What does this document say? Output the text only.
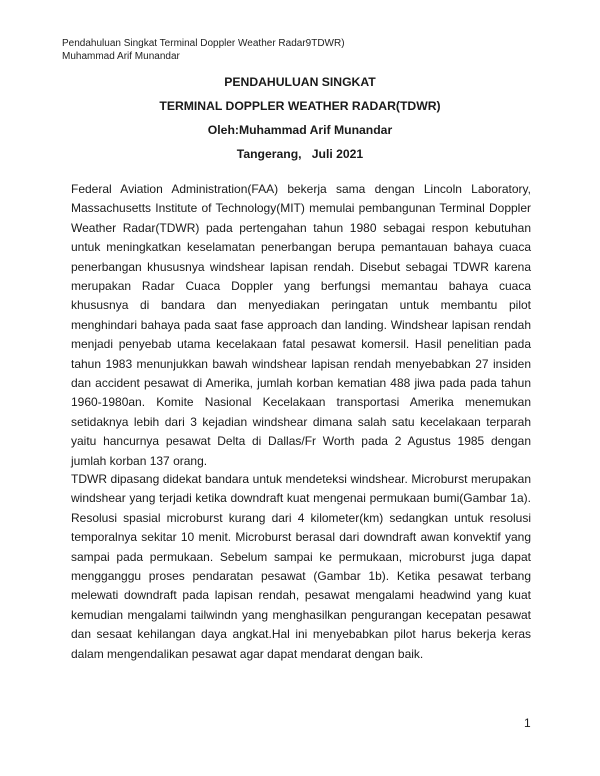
Pendahuluan Singkat Terminal Doppler Weather Radar9TDWR)
Muhammad Arif Munandar
PENDAHULUAN SINGKAT
TERMINAL DOPPLER WEATHER RADAR(TDWR)
Oleh:Muhammad Arif Munandar
Tangerang,   Juli 2021

Federal Aviation Administration(FAA) bekerja sama dengan Lincoln Laboratory, Massachusetts Institute of Technology(MIT) memulai pembangunan Terminal Doppler Weather Radar(TDWR) pada pertengahan tahun 1980 sebagai respon kebutuhan untuk meningkatkan keselamatan penerbangan berupa pemantauan bahaya cuaca penerbangan khususnya windshear lapisan rendah. Disebut sebagai TDWR karena merupakan Radar Cuaca Doppler yang berfungsi memantau bahaya cuaca khususnya di bandara dan menyediakan peringatan untuk membantu pilot menghindari bahaya pada saat fase approach dan landing. Windshear lapisan rendah menjadi penyebab utama kecelakaan fatal pesawat komersil. Hasil penelitian pada tahun 1983 menunjukkan bawah windshear lapisan rendah menyebabkan 27 insiden dan accident pesawat di Amerika, jumlah korban kematian 488 jiwa pada pada tahun 1960-1980an. Komite Nasional Kecelakaan transportasi Amerika menemukan setidaknya lebih dari 3 kejadian windshear dimana salah satu kecelakaan terparah yaitu hancurnya pesawat Delta di Dallas/Fr Worth pada 2 Agustus 1985 dengan jumlah korban 137 orang.

TDWR dipasang didekat bandara untuk mendeteksi windshear. Microburst merupakan windshear yang terjadi ketika downdraft kuat mengenai permukaan bumi(Gambar 1a). Resolusi spasial microburst kurang dari 4 kilometer(km) sedangkan untuk resolusi temporalnya sekitar 10 menit. Microburst berasal dari downdraft awan konvektif yang sampai pada permukaan. Sebelum sampai ke permukaan, microburst juga dapat mengganggu proses pendaratan pesawat (Gambar 1b). Ketika pesawat terbang melewati downdraft pada lapisan rendah, pesawat mengalami headwind yang kuat kemudian mengalami tailwindn yang menghasilkan pengurangan kecepatan pesawat dan sesaat kehilangan daya angkat.Hal ini menyebabkan pilot harus bekerja keras dalam mengendalikan pesawat agar dapat mendarat dengan baik.

1
